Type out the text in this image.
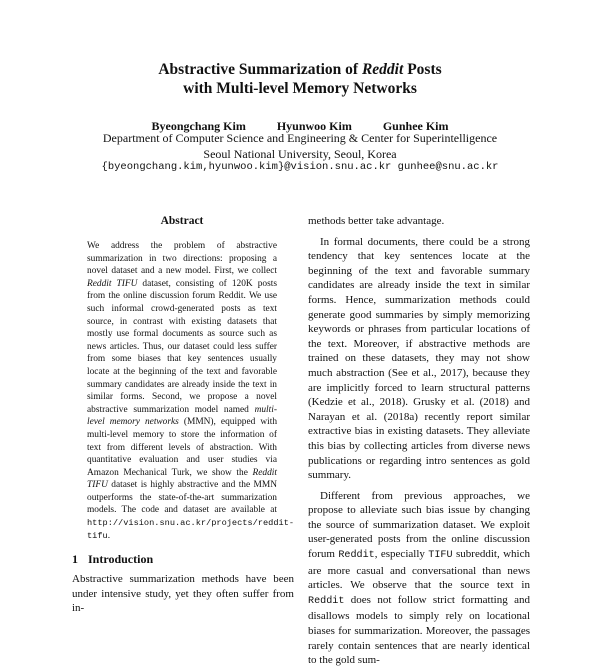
Abstractive Summarization of Reddit Posts
with Multi-level Memory Networks
Byeongchang Kim	Hyunwoo Kim	Gunhee Kim
Department of Computer Science and Engineering & Center for Superintelligence
Seoul National University, Seoul, Korea
{byeongchang.kim,hyunwoo.kim}@vision.snu.ac.kr gunhee@snu.ac.kr
Abstract

We address the problem of abstractive summarization in two directions: proposing a novel dataset and a new model. First, we collect Reddit TIFU dataset, consisting of 120K posts from the online discussion forum Reddit. We use such informal crowd-generated posts as text source, in contrast with existing datasets that mostly use formal documents as source such as news articles. Thus, our dataset could less suffer from some biases that key sentences usually locate at the beginning of the text and favorable summary candidates are already inside the text in similar forms. Second, we propose a novel abstractive summarization model named multi-level memory networks (MMN), equipped with multi-level memory to store the information of text from different levels of abstraction. With quantitative evaluation and user studies via Amazon Mechanical Turk, we show the Reddit TIFU dataset is highly abstractive and the MMN outperforms the state-of-the-art summarization models. The code and dataset are available at http://vision.snu.ac.kr/projects/reddit-tifu.

1 Introduction

Abstractive summarization methods have been under intensive study, yet they often suffer from in-

methods better take advantage.

In formal documents, there could be a strong tendency that key sentences locate at the beginning of the text and favorable summary candidates are already inside the text in similar forms. Hence, summarization methods could generate good summaries by simply memorizing keywords or phrases from particular locations of the text. Moreover, if abstractive methods are trained on these datasets, they may not show much abstraction (See et al., 2017), because they are implicitly forced to learn structural patterns (Kedzie et al., 2018). Grusky et al. (2018) and Narayan et al. (2018a) recently report similar extractive bias in existing datasets. They alleviate this bias by collecting articles from diverse news publications or regarding intro sentences as gold summary.

Different from previous approaches, we propose to alleviate such bias issue by changing the source of summarization dataset. We exploit user-generated posts from the online discussion forum Reddit, especially TIFU subreddit, which are more casual and conversational than news articles. We observe that the source text in Reddit does not follow strict formatting and disallows models to simply rely on locational biases for summarization. Moreover, the passages rarely contain sentences that are nearly identical to the gold sum-
